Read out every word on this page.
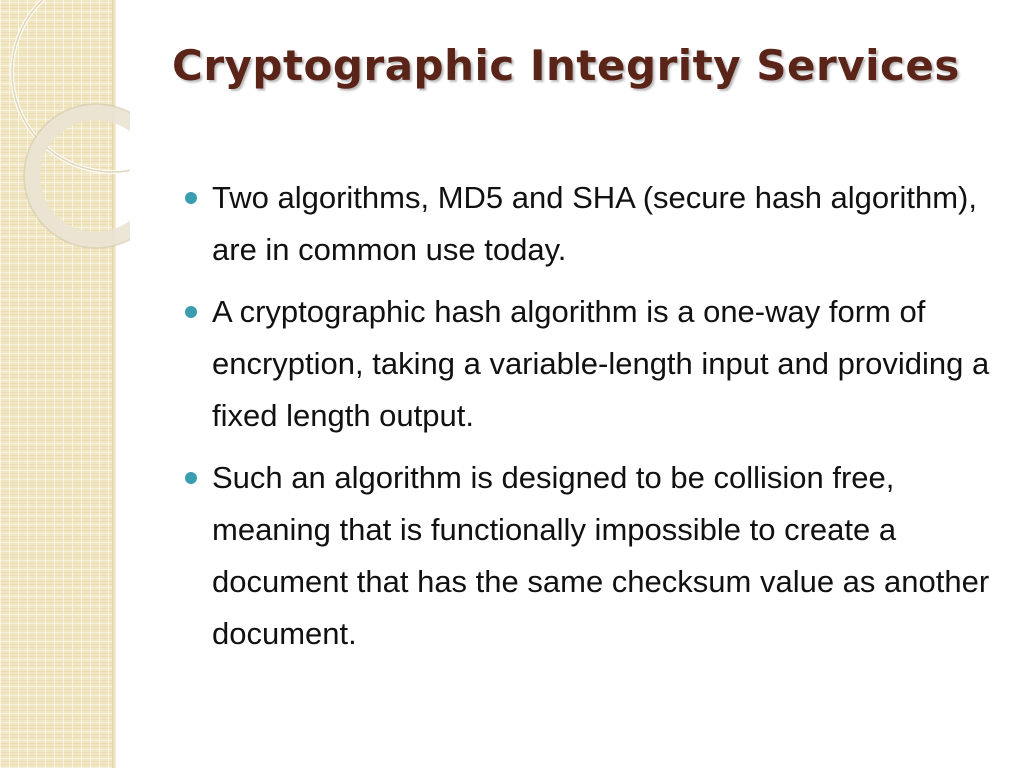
Cryptographic Integrity Services
Two algorithms, MD5 and SHA (secure hash algorithm), are in common use today.
A cryptographic hash algorithm is a one-way form of encryption, taking a variable-length input and providing a fixed length output.
Such an algorithm is designed to be collision free, meaning that is functionally impossible to create a document that has the same checksum value as another document.
